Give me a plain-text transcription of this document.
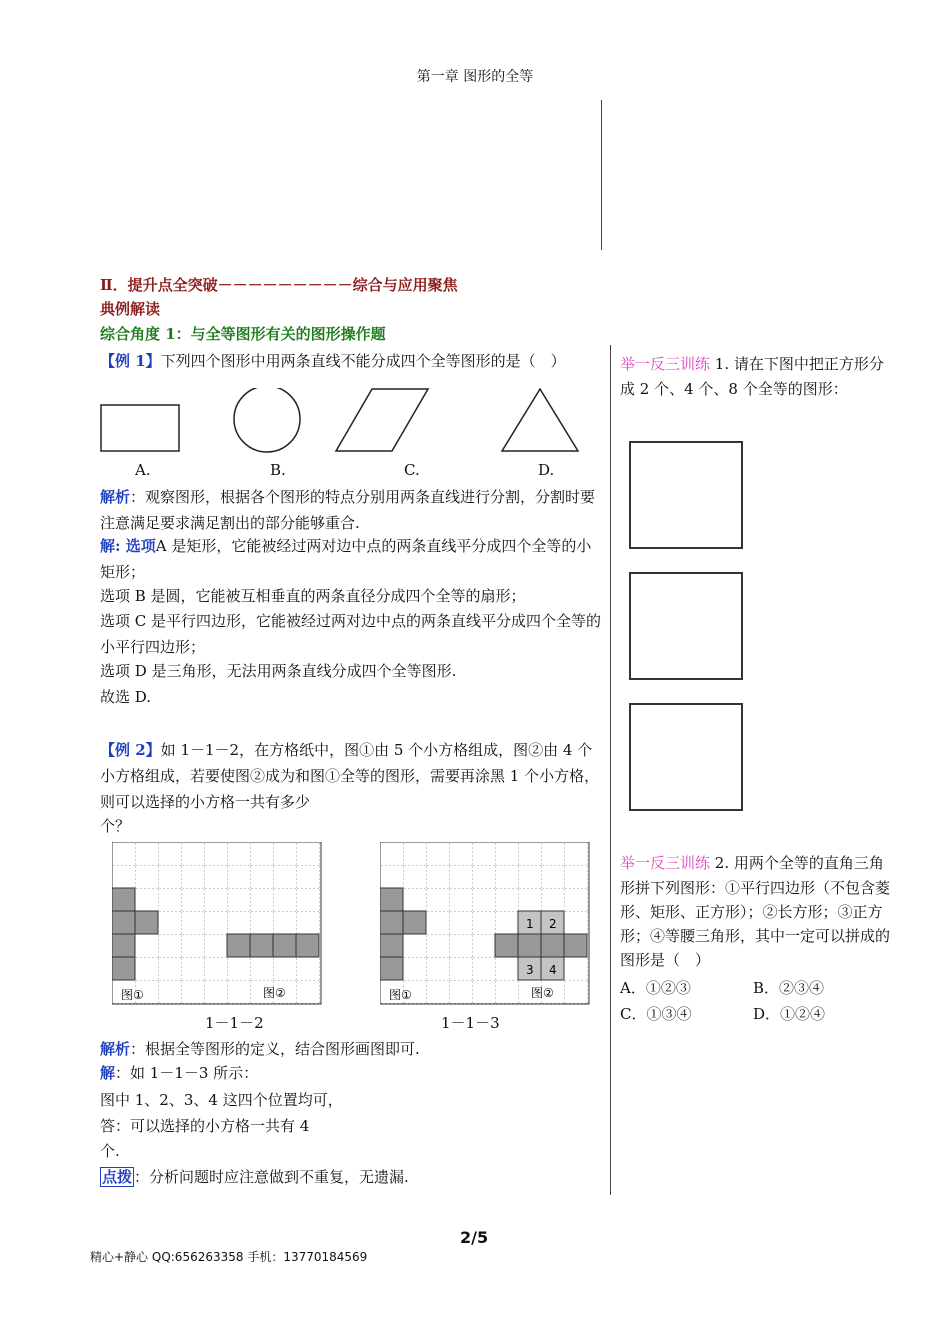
第一章 图形的全等
Ⅱ．提升点全突破－－－－－－－－－综合与应用聚焦
典例解读
综合角度 1：与全等图形有关的图形操作题
【例 1】下列四个图形中用两条直线不能分成四个全等图形的是（　）
A.	B.	C.	D.
解析：观察图形，根据各个图形的特点分别用两条直线进行分割，分割时要注意满足要求满足割出的部分能够重合.
解: 选项A 是矩形，它能被经过两对边中点的两条直线平分成四个全等的小矩形；
选项 B 是圆，它能被互相垂直的两条直径分成四个全等的扇形；
选项 C 是平行四边形，它能被经过两对边中点的两条直线平分成四个全等的小平行四边形；
选项 D 是三角形，无法用两条直线分成四个全等图形.
故选 D.
【例 2】如 1－1－2，在方格纸中，图①由 5 个小方格组成，图②由 4 个小方格组成，若要使图②成为和图①全等的图形，需要再涂黑 1 个小方格，则可以选择的小方格一共有多少
个？
图①	图②
1 2
3 4
图①	图②
1－1－2	1－1－3
解析：根据全等图形的定义，结合图形画图即可.
解：如 1－1－3 所示：
图中 1、2、3、4 这四个位置均可，
答：可以选择的小方格一共有 4
个.
点拨 ：分析问题时应注意做到不重复，无遗漏.
举一反三训练 1. 请在下图中把正方形分
成 2 个、4 个、8 个全等的图形：
举一反三训练 2. 用两个全等的直角三角
形拼下列图形：①平行四边形（不包含菱
形、矩形、正方形）；②长方形；③正方
形；④等腰三角形，其中一定可以拼成的
图形是（　）
A．①②③	B．②③④
C．①③④	D．①②④
2/5
精心+静心 QQ:656263358 手机：13770184569
